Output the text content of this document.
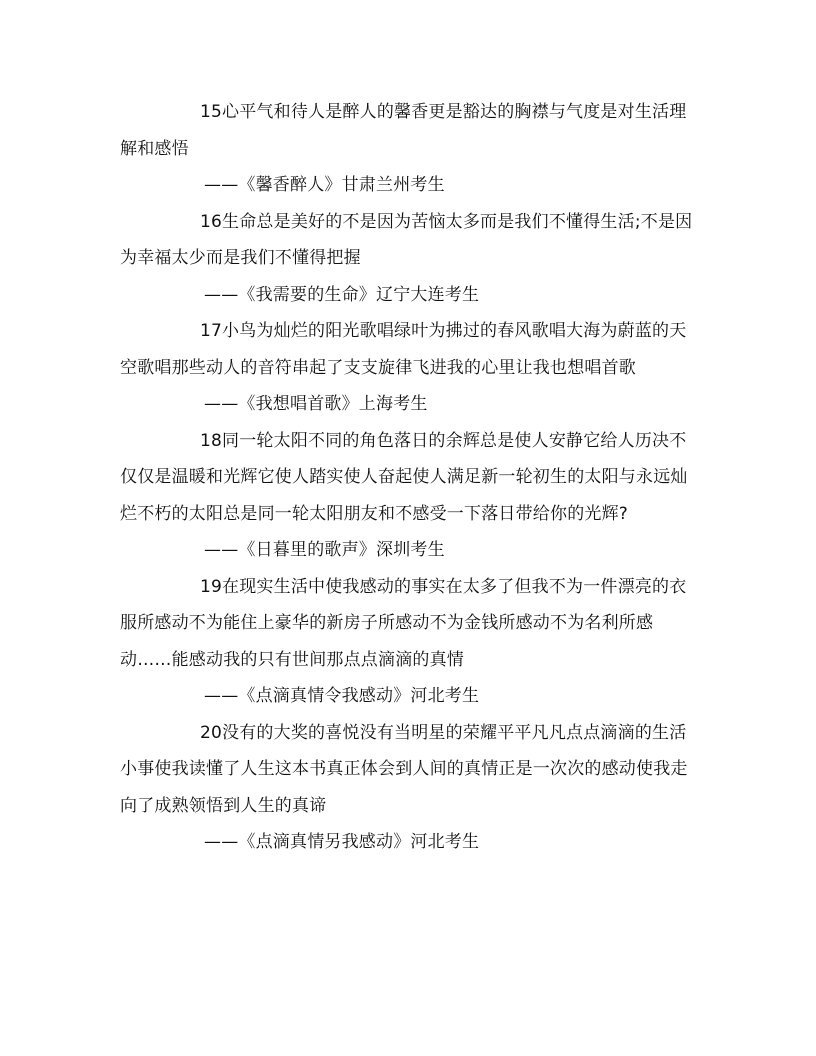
15心平气和待人是醉人的馨香更是豁达的胸襟与气度是对生活理解和感悟

——《馨香醉人》甘肃兰州考生

16生命总是美好的不是因为苦恼太多而是我们不懂得生活;不是因为幸福太少而是我们不懂得把握

——《我需要的生命》辽宁大连考生

17小鸟为灿烂的阳光歌唱绿叶为拂过的春风歌唱大海为蔚蓝的天空歌唱那些动人的音符串起了支支旋律飞进我的心里让我也想唱首歌

——《我想唱首歌》上海考生

18同一轮太阳不同的角色落日的余辉总是使人安静它给人历决不仅仅是温暖和光辉它使人踏实使人奋起使人满足新一轮初生的太阳与永远灿烂不朽的太阳总是同一轮太阳朋友和不感受一下落日带给你的光辉?

——《日暮里的歌声》深圳考生

19在现实生活中使我感动的事实在太多了但我不为一件漂亮的衣服所感动不为能住上豪华的新房子所感动不为金钱所感动不为名利所感动……能感动我的只有世间那点点滴滴的真情

——《点滴真情令我感动》河北考生

20没有的大奖的喜悦没有当明星的荣耀平平凡凡点点滴滴的生活小事使我读懂了人生这本书真正体会到人间的真情正是一次次的感动使我走向了成熟领悟到人生的真谛

——《点滴真情另我感动》河北考生
